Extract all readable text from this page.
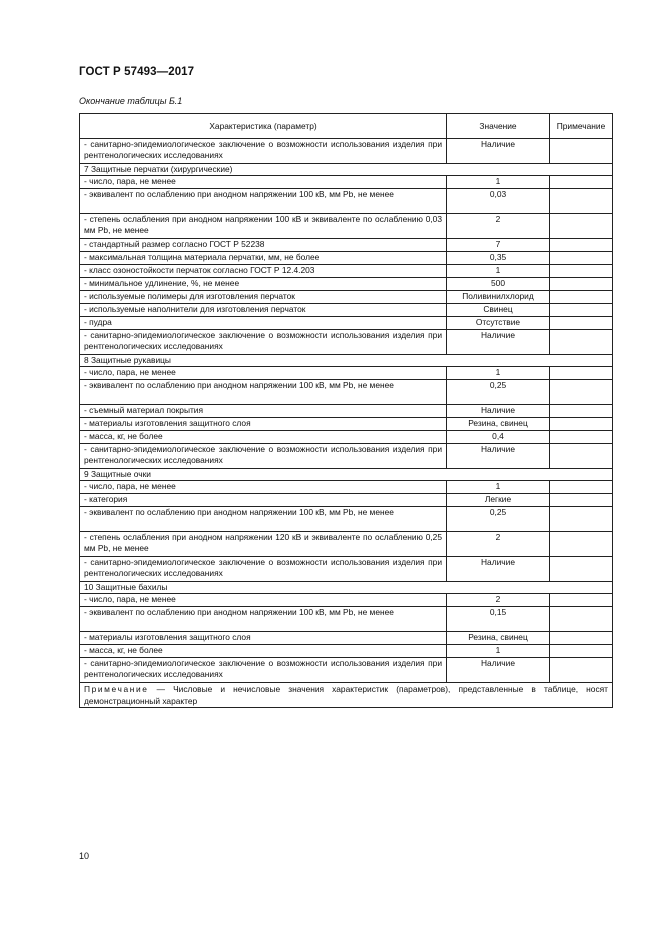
ГОСТ Р 57493—2017
Окончание таблицы Б.1
Характеристика (параметр)	Значение	Примечание
- санитарно-эпидемиологическое заключение о возможности использования изделия при рентгенологических исследованиях	Наличие	
7 Защитные перчатки (хирургические)		
- число, пара, не менее	1	
- эквивалент по ослаблению при анодном напряжении 100 кВ, мм Pb, не менее	0,03	
- степень ослабления при анодном напряжении 100 кВ и эквиваленте по ослаблению 0,03 мм Pb, не менее	2	
- стандартный размер согласно ГОСТ Р 52238	7	
- максимальная толщина материала перчатки, мм, не более	0,35	
- класс озоностойкости перчаток согласно ГОСТ Р 12.4.203	1	
- минимальное удлинение, %, не менее	500	
- используемые полимеры для изготовления перчаток	Поливинилхлорид	
- используемые наполнители для изготовления перчаток	Свинец	
- пудра	Отсутствие	
- санитарно-эпидемиологическое заключение о возможности использования изделия при рентгенологических исследованиях	Наличие	
8 Защитные рукавицы		
- число, пара, не менее	1	
- эквивалент по ослаблению при анодном напряжении 100 кВ, мм Pb, не менее	0,25	
- съемный материал покрытия	Наличие	
- материалы изготовления защитного слоя	Резина, свинец	
- масса, кг, не более	0,4	
- санитарно-эпидемиологическое заключение о возможности использования изделия при рентгенологических исследованиях	Наличие	
9 Защитные очки		
- число, пара, не менее	1	
- категория	Легкие	
- эквивалент по ослаблению при анодном напряжении 100 кВ, мм Pb, не менее	0,25	
- степень ослабления при анодном напряжении 120 кВ и эквиваленте по ослаблению 0,25 мм Pb, не менее	2	
- санитарно-эпидемиологическое заключение о возможности использования изделия при рентгенологических исследованиях	Наличие	
10 Защитные бахилы		
- число, пара, не менее	2	
- эквивалент по ослаблению при анодном напряжении 100 кВ, мм Pb, не менее	0,15	
- материалы изготовления защитного слоя	Резина, свинец	
- масса, кг, не более	1	
- санитарно-эпидемиологическое заключение о возможности использования изделия при рентгенологических исследованиях	Наличие	
Примечание — Числовые и нечисловые значения характеристик (параметров), представленные в таблице, носят демонстрационный характер		
10
